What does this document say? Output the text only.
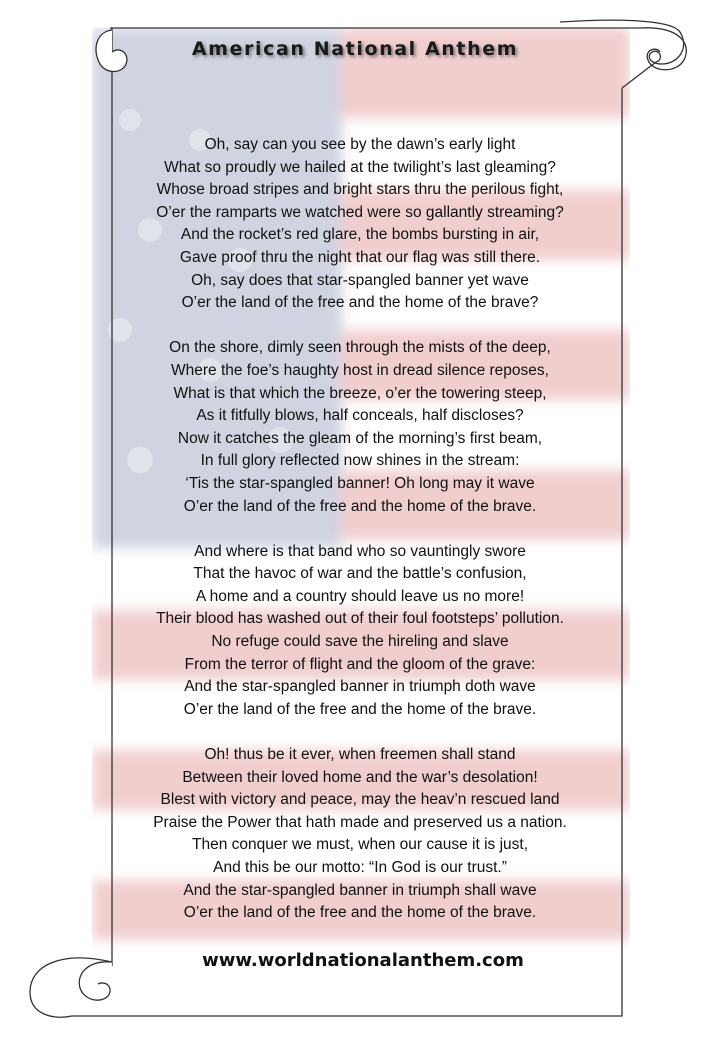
American National Anthem
Oh, say can you see by the dawn’s early light
What so proudly we hailed at the twilight’s last gleaming?
Whose broad stripes and bright stars thru the perilous fight,
O’er the ramparts we watched were so gallantly streaming?
And the rocket’s red glare, the bombs bursting in air,
Gave proof thru the night that our flag was still there.
Oh, say does that star-spangled banner yet wave
O’er the land of the free and the home of the brave?
On the shore, dimly seen through the mists of the deep,
Where the foe’s haughty host in dread silence reposes,
What is that which the breeze, o’er the towering steep,
As it fitfully blows, half conceals, half discloses?
Now it catches the gleam of the morning’s first beam,
In full glory reflected now shines in the stream:
‘Tis the star-spangled banner! Oh long may it wave
O’er the land of the free and the home of the brave.
And where is that band who so vauntingly swore
That the havoc of war and the battle’s confusion,
A home and a country should leave us no more!
Their blood has washed out of their foul footsteps’ pollution.
No refuge could save the hireling and slave
From the terror of flight and the gloom of the grave:
And the star-spangled banner in triumph doth wave
O’er the land of the free and the home of the brave.
Oh! thus be it ever, when freemen shall stand
Between their loved home and the war’s desolation!
Blest with victory and peace, may the heav’n rescued land
Praise the Power that hath made and preserved us a nation.
Then conquer we must, when our cause it is just,
And this be our motto: “In God is our trust.”
And the star-spangled banner in triumph shall wave
O’er the land of the free and the home of the brave.
www.worldnationalanthem.com
